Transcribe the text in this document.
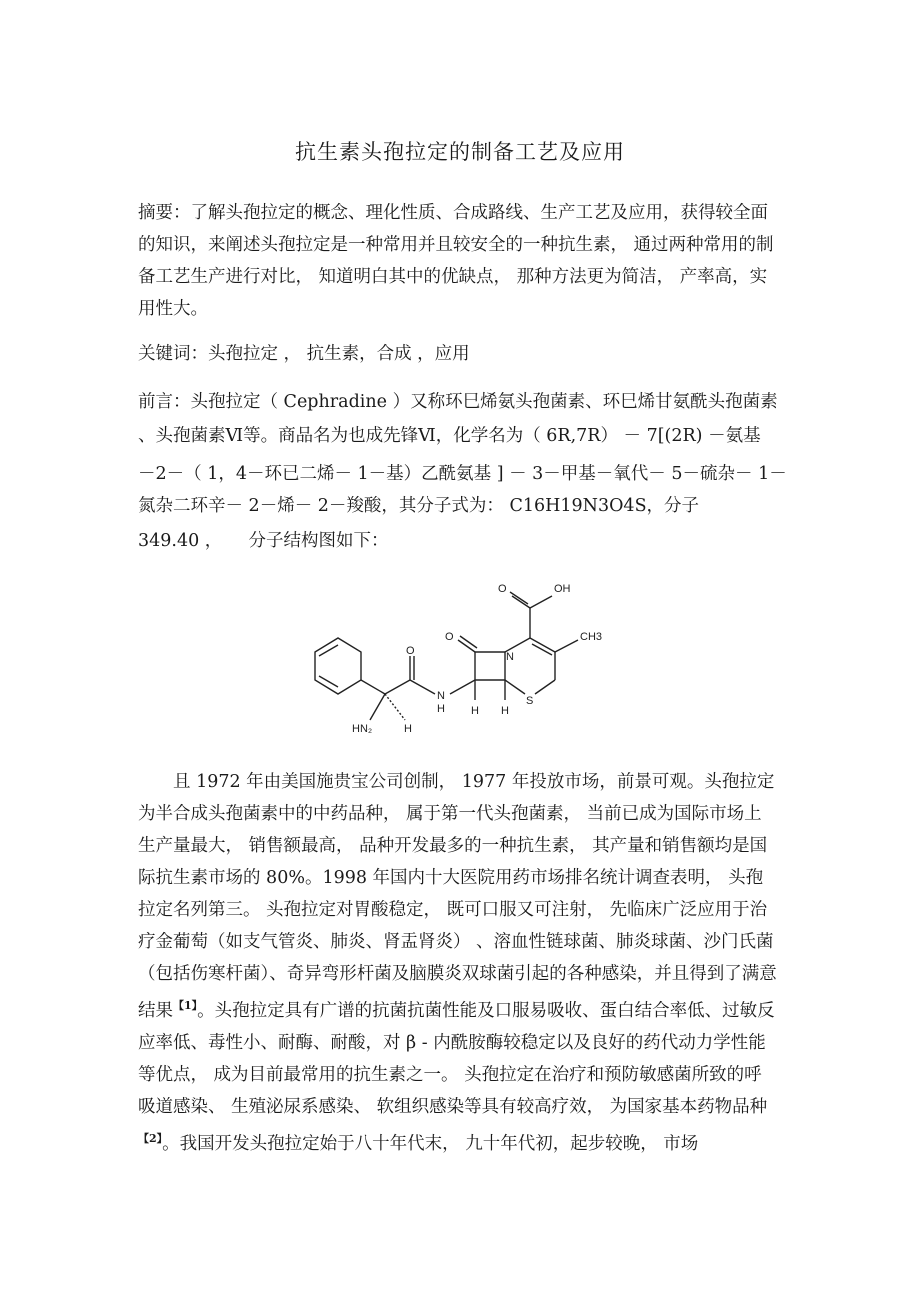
抗生素头孢拉定的制备工艺及应用
摘要：了解头孢拉定的概念、理化性质、合成路线、生产工艺及应用，获得较全面的知识，来阐述头孢拉定是一种常用并且较安全的一种抗生素， 通过两种常用的制备工艺生产进行对比， 知道明白其中的优缺点， 那种方法更为简洁， 产率高，实用性大。
关键词：头孢拉定 ， 抗生素，合成 ，应用
前言：头孢拉定（ Cephradine ）又称环巳烯氨头孢菌素、环巳烯甘氨酰头孢菌素
、头孢菌素Ⅵ等。商品名为也成先锋Ⅵ，化学名为（ 6R,7R） － 7[(2R) －氨基
－2－（ 1，4－环已二烯－ 1－基）乙酰氨基 ] － 3－甲基－氧代－ 5－硫杂－ 1－
氮杂二环辛－ 2－烯－ 2－羧酸，其分子式为： C16H19N3O4S，分子
349.40 ，　　分子结构图如下：
O	OH
CH3
O
N
S
O
N
H H H
HN₂	H
且 1972 年由美国施贵宝公司创制， 1977 年投放市场，前景可观。头孢拉定为半合成头孢菌素中的中药品种， 属于第一代头孢菌素， 当前已成为国际市场上生产量最大， 销售额最高， 品种开发最多的一种抗生素， 其产量和销售额均是国际抗生素市场的 80%。1998 年国内十大医院用药市场排名统计调查表明， 头孢拉定名列第三。 头孢拉定对胃酸稳定， 既可口服又可注射， 先临床广泛应用于治疗金葡萄（如支气管炎、肺炎、肾盂肾炎） 、溶血性链球菌、肺炎球菌、沙门氏菌（包括伤寒杆菌）、奇异弯形杆菌及脑膜炎双球菌引起的各种感染，并且得到了满意结果$^{【1】}$。头孢拉定具有广谱的抗菌抗菌性能及口服易吸收、蛋白结合率低、过敏反应率低、毒性小、耐酶、耐酸，对 β - 内酰胺酶较稳定以及良好的药代动力学性能等优点， 成为目前最常用的抗生素之一。 头孢拉定在治疗和预防敏感菌所致的呼吸道感染、 生殖泌尿系感染、 软组织感染等具有较高疗效， 为国家基本药物品种$^{【2】}$。我国开发头孢拉定始于八十年代末， 九十年代初，起步较晚， 市场
